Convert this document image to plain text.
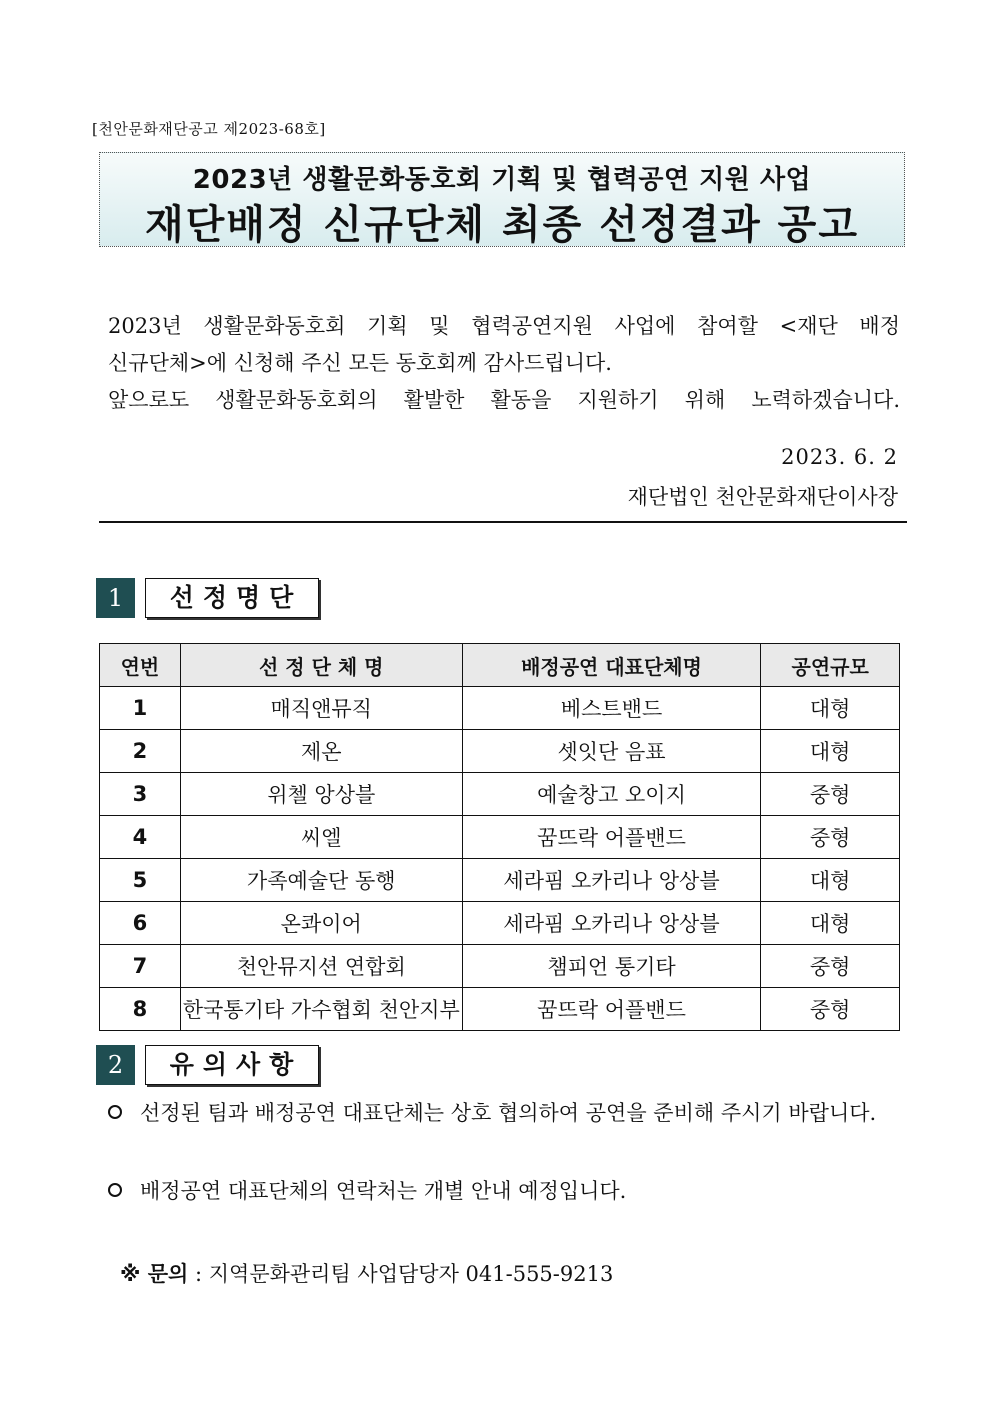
[천안문화재단공고 제2023-68호]
2023년 생활문화동호회 기획 및 협력공연 지원 사업
재단배정 신규단체 최종 선정결과 공고

2023년 생활문화동호회 기획 및 협력공연지원 사업에 참여할 <재단 배정

신규단체>에 신청해 주신 모든 동호회께 감사드립니다.

앞으로도 생활문화동호회의 활발한 활동을 지원하기 위해 노력하겠습니다.

2023. 6. 2
재단법인 천안문화재단이사장
1	선정명단
연번	선 정 단 체 명	배정공연 대표단체명	공연규모
1	매직앤뮤직	베스트밴드	대형
2	제온	셋잇단 음표	대형
3	위첼 앙상블	예술창고 오이지	중형
4	씨엘	꿈뜨락 어플밴드	중형
5	가족예술단 동행	세라핌 오카리나 앙상블	대형
6	온콰이어	세라핌 오카리나 앙상블	대형
7	천안뮤지션 연합회	챔피언 통기타	중형
8	한국통기타 가수협회 천안지부	꿈뜨락 어플밴드	중형
2	유의사항
선정된 팀과 배정공연 대표단체는 상호 협의하여 공연을 준비해 주시기 바랍니다.
배정공연 대표단체의 연락처는 개별 안내 예정입니다.
※ 문의 : 지역문화관리팀 사업담당자 041-555-9213
